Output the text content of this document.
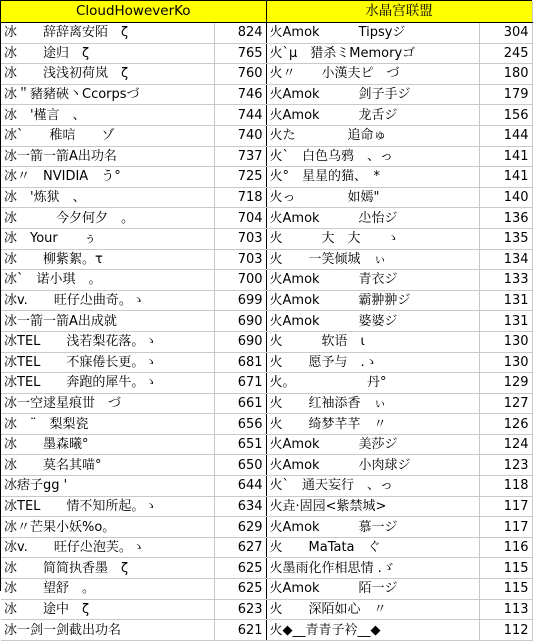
CloudHoweverKo		水晶宫联盟	
冰　　辞辞离安陌　ζ	824	火Amok　　　Tipsyジ	304
冰　　途归　ζ	765	火`µ　猎杀ミMemoryゴ	245
冰　　浅浅初荷岚　ζ	760	火〃　　小漢夫ピ　づ	180
冰＂豬豬硤丶Ccorpsづ	746	火Amok　　　剑子手ジ	179
冰　'槿言　、	744	火Amok　　　龙舌ジ	156
冰`　　稚唁　　ゾ	740	火た　　　　追命ゅ	144
冰一箭一箭A出功名	737	火`　白色乌鸦　、っ	141
冰〃　NVIDIA　う°	725	火°　星星的猫、　*	141
冰　'炼狱　、	718	火っ　　　　如嫣"	140
冰　　　今夕何夕　。	704	火Amok　　　尐怡ジ	136
冰　Your　　ぅ	703	火　　　大　大　　ゝ	135
冰　　柳紫絮。τ	703	火　　一笑倾城　ぃ	134
冰`　诺小琪　。	700	火Amok　　　青衣ジ	133
冰v.　　旺仔尐曲奇。ゝ	699	火Amok　　　霸翀翀ジ	131
冰一箭一箭A出成就	690	火Amok　　　婆婆ジ	131
冰TEL　　浅若梨花落。ゝ	690	火　　　软语　ι	130
冰TEL　　不寐倦长更。ゝ	681	火　　愿予与　.ゝ	130
冰TEL　　奔跑的犀牛。ゝ	671	火。　　　　　　丹°	129
冰一空逑星痕丗　づ	661	火　　红袖添香　ぃ	127
冰　¨　梨梨瓷	656	火　　绮梦芊芊　〃	126
冰　　墨森曦°	651	火Amok　　　美莎ジ	124
冰　　莫名其喵°	650	火Amok　　　小肉球ジ	123
冰痞子gg '	644	火`　通天妄行　、っ	118
冰TEL　　情不知所起。ゝ	634	火垚·固园<紫禁城>	117
冰〃芒果小妖%o。	629	火Amok　　　慕一ジ	117
冰v.　　旺仔尐泡芙。ゝ	627	火　　MaTata　ぐ	116
冰　　简简执香墨　ζ	625	火墨雨化作相思情 .ゞ	115
冰　　望舒　。	625	火Amok　　　陌一ジ	115
冰　　途中　ζ	623	火　　深陌如心　〃	113
冰一剑一剑截出功名	621	火◆__青青子衿__◆	112
